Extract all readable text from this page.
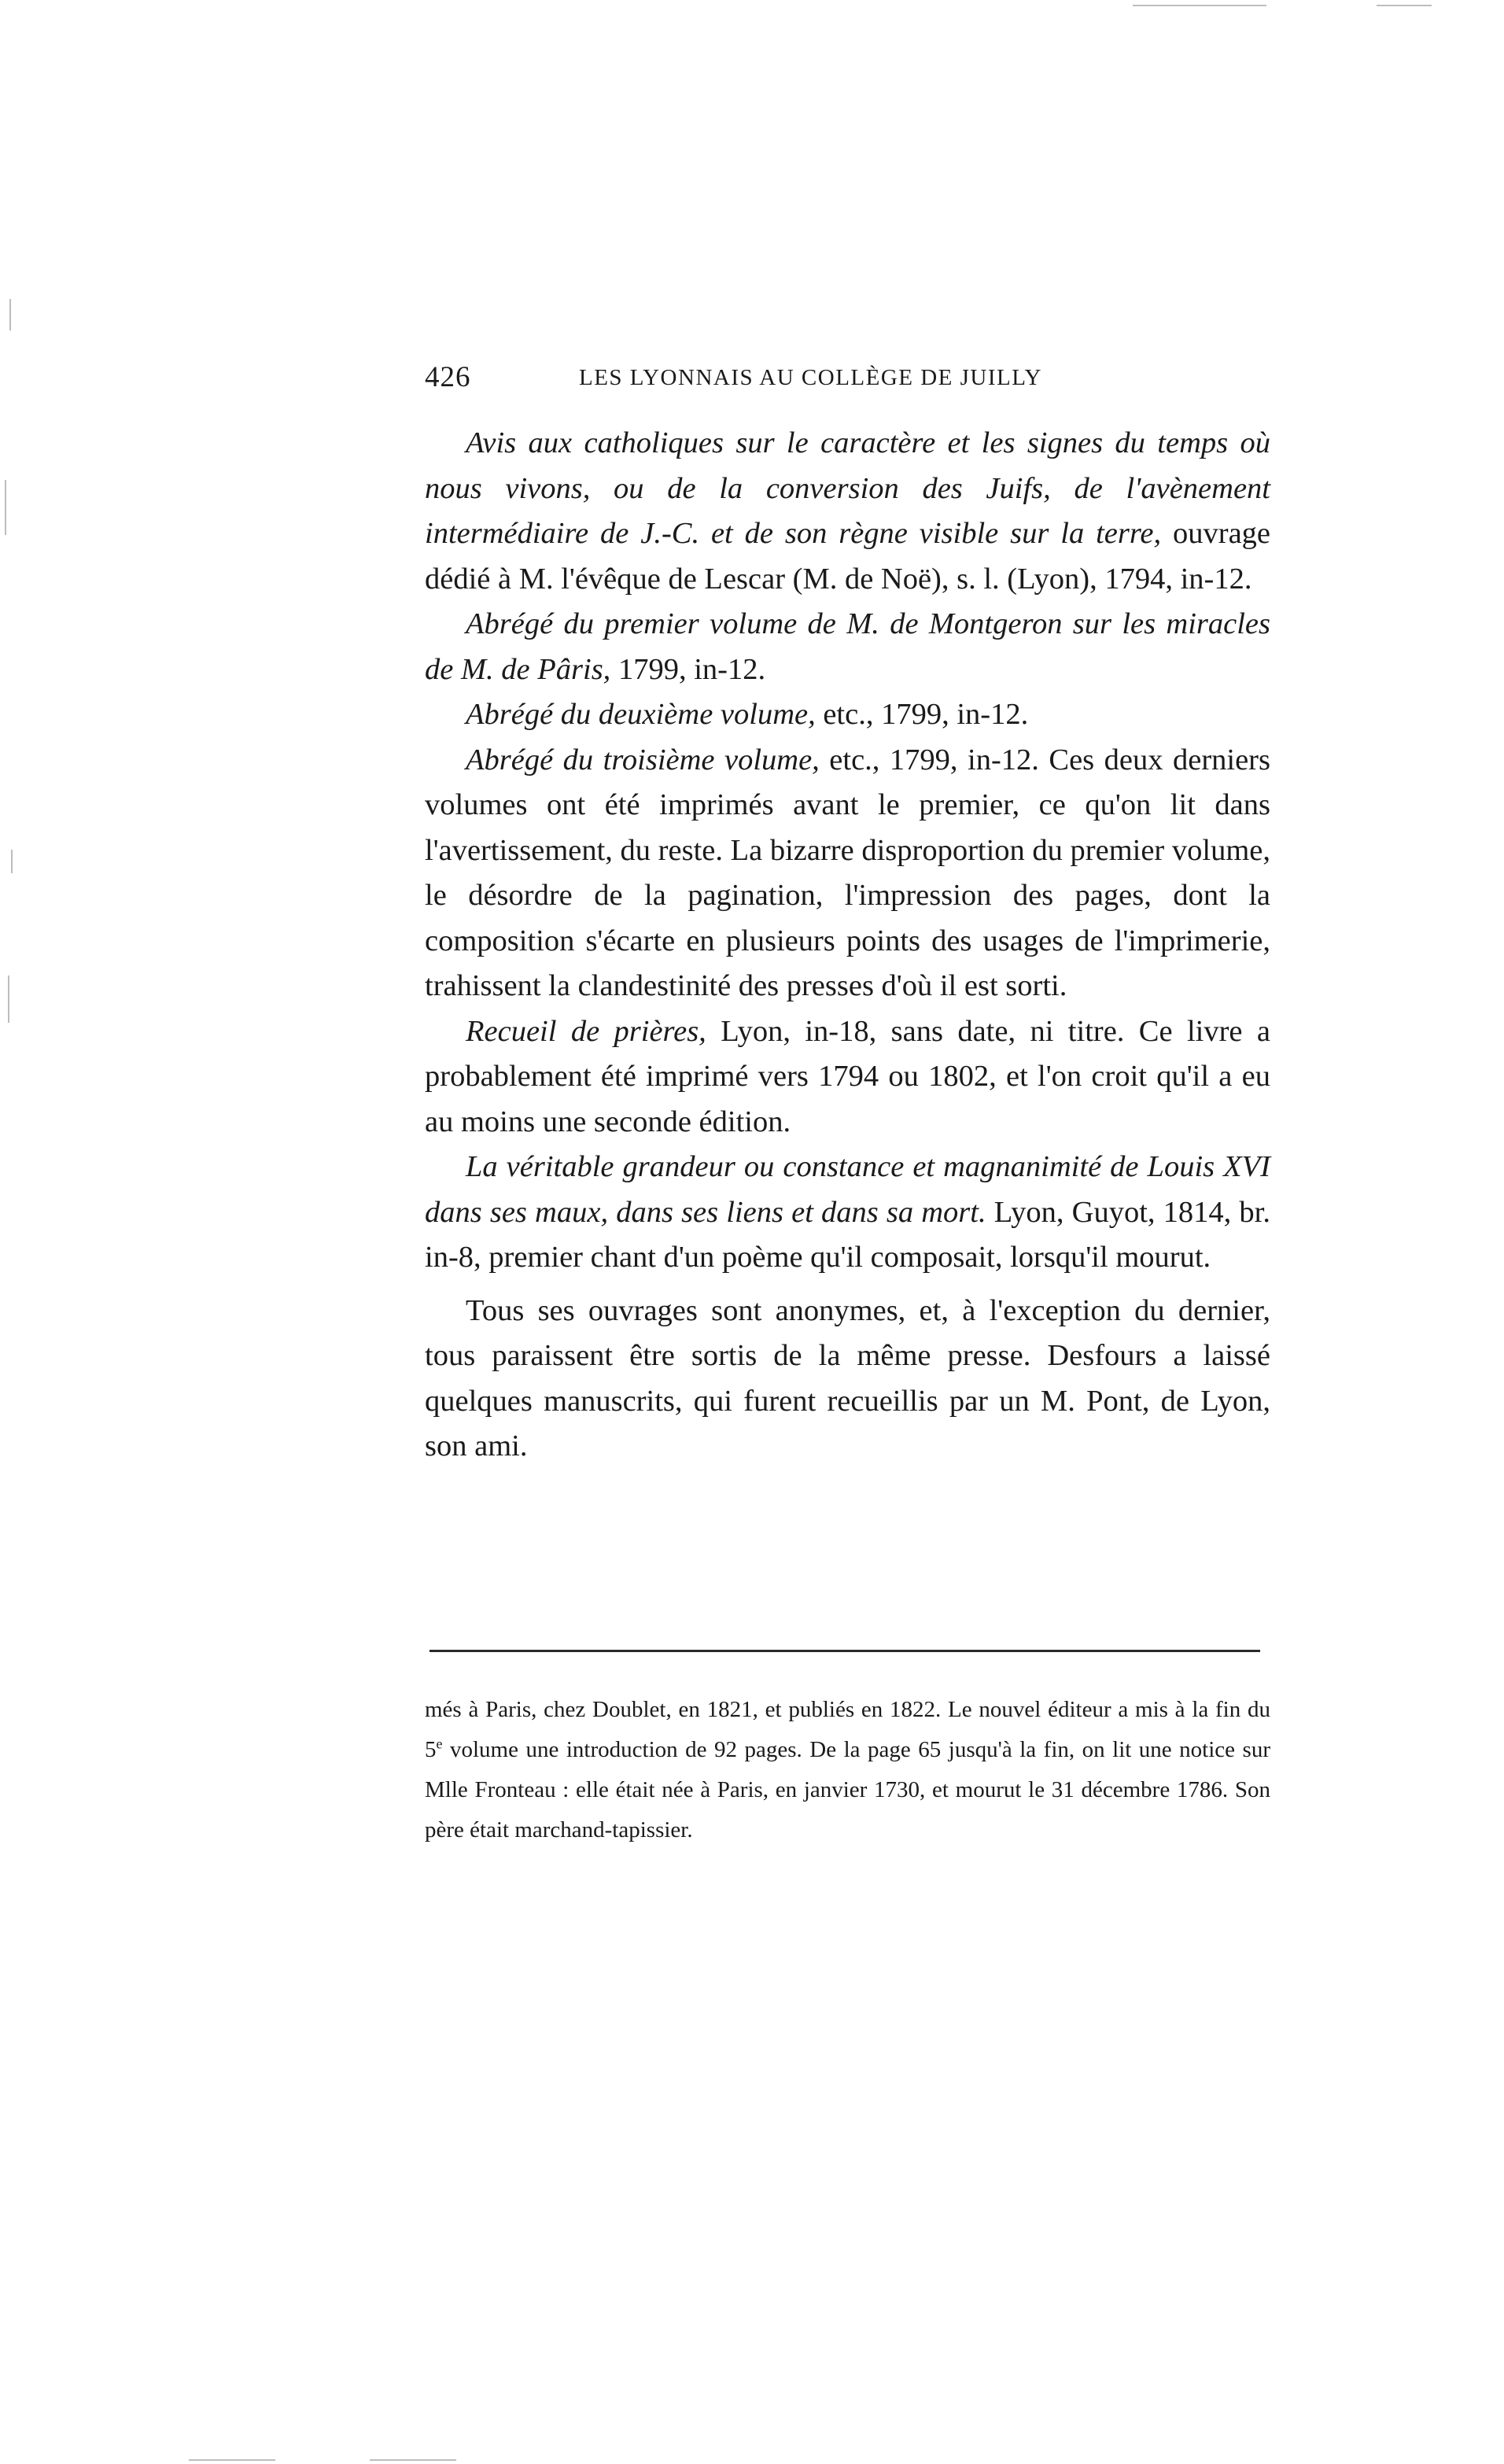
426	LES LYONNAIS AU COLLÈGE DE JUILLY

Avis aux catholiques sur le caractère et les signes du temps où nous vivons, ou de la conversion des Juifs, de l'avènement intermédiaire de J.-C. et de son règne visible sur la terre, ouvrage dédié à M. l'évêque de Lescar (M. de Noë), s. l. (Lyon), 1794, in-12.

Abrégé du premier volume de M. de Montgeron sur les miracles de M. de Pâris, 1799, in-12.

Abrégé du deuxième volume, etc., 1799, in-12.

Abrégé du troisième volume, etc., 1799, in-12. Ces deux derniers volumes ont été imprimés avant le premier, ce qu'on lit dans l'avertissement, du reste. La bizarre disproportion du premier volume, le désordre de la pagination, l'impression des pages, dont la composition s'écarte en plusieurs points des usages de l'imprimerie, trahissent la clandestinité des presses d'où il est sorti.

Recueil de prières, Lyon, in-18, sans date, ni titre. Ce livre a probablement été imprimé vers 1794 ou 1802, et l'on croit qu'il a eu au moins une seconde édition.

La véritable grandeur ou constance et magnanimité de Louis XVI dans ses maux, dans ses liens et dans sa mort. Lyon, Guyot, 1814, br. in-8, premier chant d'un poème qu'il composait, lorsqu'il mourut.

Tous ses ouvrages sont anonymes, et, à l'exception du dernier, tous paraissent être sortis de la même presse. Desfours a laissé quelques manuscrits, qui furent recueillis par un M. Pont, de Lyon, son ami.

més à Paris, chez Doublet, en 1821, et publiés en 1822. Le nouvel éditeur a mis à la fin du 5e volume une introduction de 92 pages. De la page 65 jusqu'à la fin, on lit une notice sur Mlle Fronteau : elle était née à Paris, en janvier 1730, et mourut le 31 décembre 1786. Son père était marchand-tapissier.
